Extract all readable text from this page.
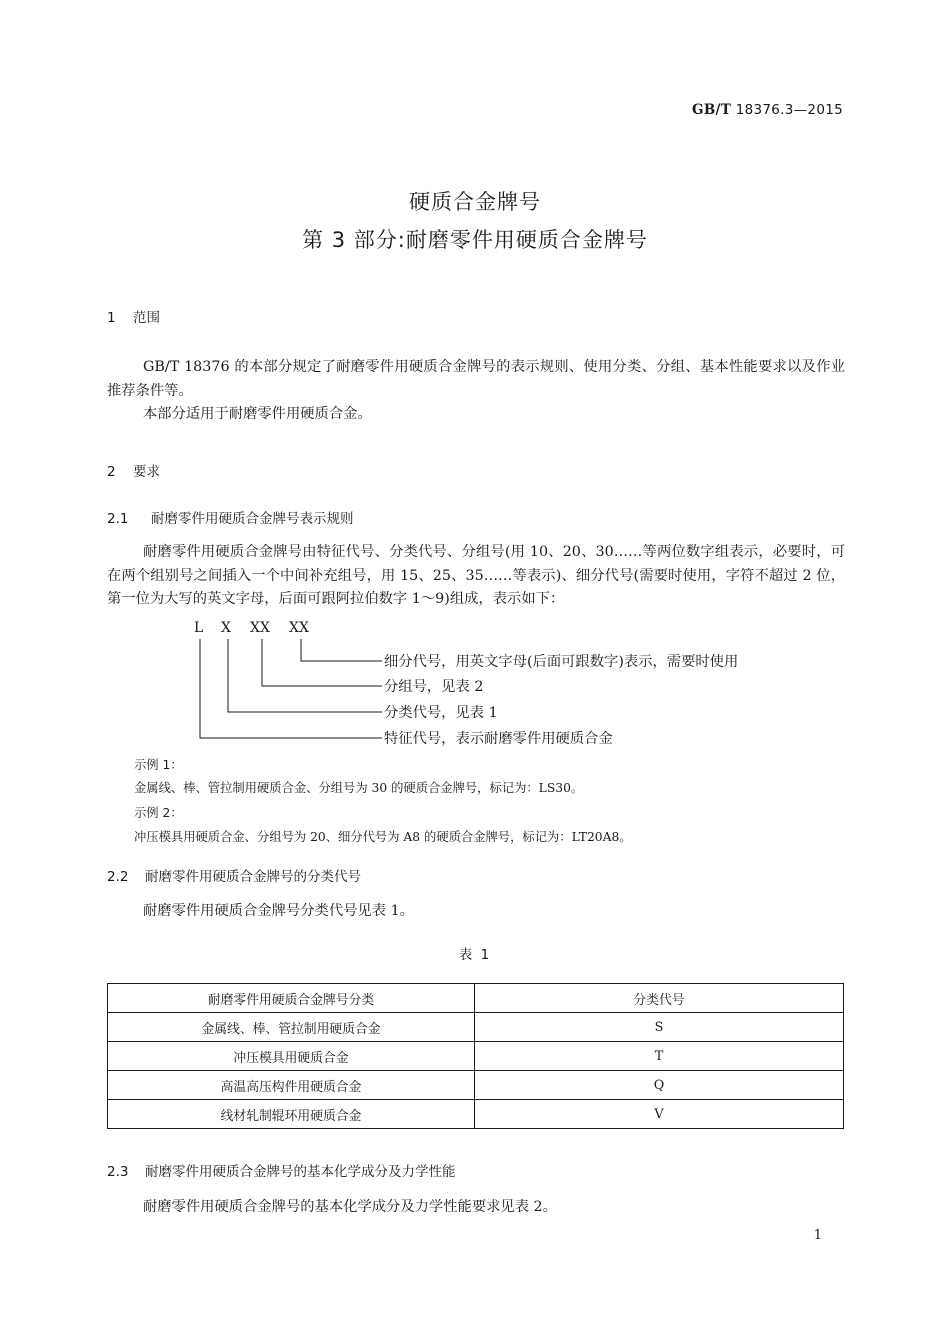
GB/T 18376.3—2015
硬质合金牌号
第 3 部分:耐磨零件用硬质合金牌号
1 范围

GB/T 18376 的本部分规定了耐磨零件用硬质合金牌号的表示规则、使用分类、分组、基本性能要求以及作业推荐条件等。

本部分适用于耐磨零件用硬质合金。

2 要求
2.1 耐磨零件用硬质合金牌号表示规则

耐磨零件用硬质合金牌号由特征代号、分类代号、分组号(用 10、20、30……等两位数字组表示，必要时，可在两个组别号之间插入一个中间补充组号，用 15、25、35……等表示)、细分代号(需要时使用，字符不超过 2 位，第一位为大写的英文字母，后面可跟阿拉伯数字 1～9)组成，表示如下：

L X XX XX
细分代号，用英文字母(后面可跟数字)表示，需要时使用
分组号，见表 2
分类代号，见表 1
特征代号，表示耐磨零件用硬质合金
示例 1：
金属线、棒、管拉制用硬质合金、分组号为 30 的硬质合金牌号，标记为：LS30。
示例 2：
冲压模具用硬质合金、分组号为 20、细分代号为 A8 的硬质合金牌号，标记为：LT20A8。
2.2 耐磨零件用硬质合金牌号的分类代号

耐磨零件用硬质合金牌号分类代号见表 1。

表 1
耐磨零件用硬质合金牌号分类	分类代号
金属线、棒、管拉制用硬质合金	S
冲压模具用硬质合金	T
高温高压构件用硬质合金	Q
线材轧制辊环用硬质合金	V
2.3 耐磨零件用硬质合金牌号的基本化学成分及力学性能

耐磨零件用硬质合金牌号的基本化学成分及力学性能要求见表 2。

1
